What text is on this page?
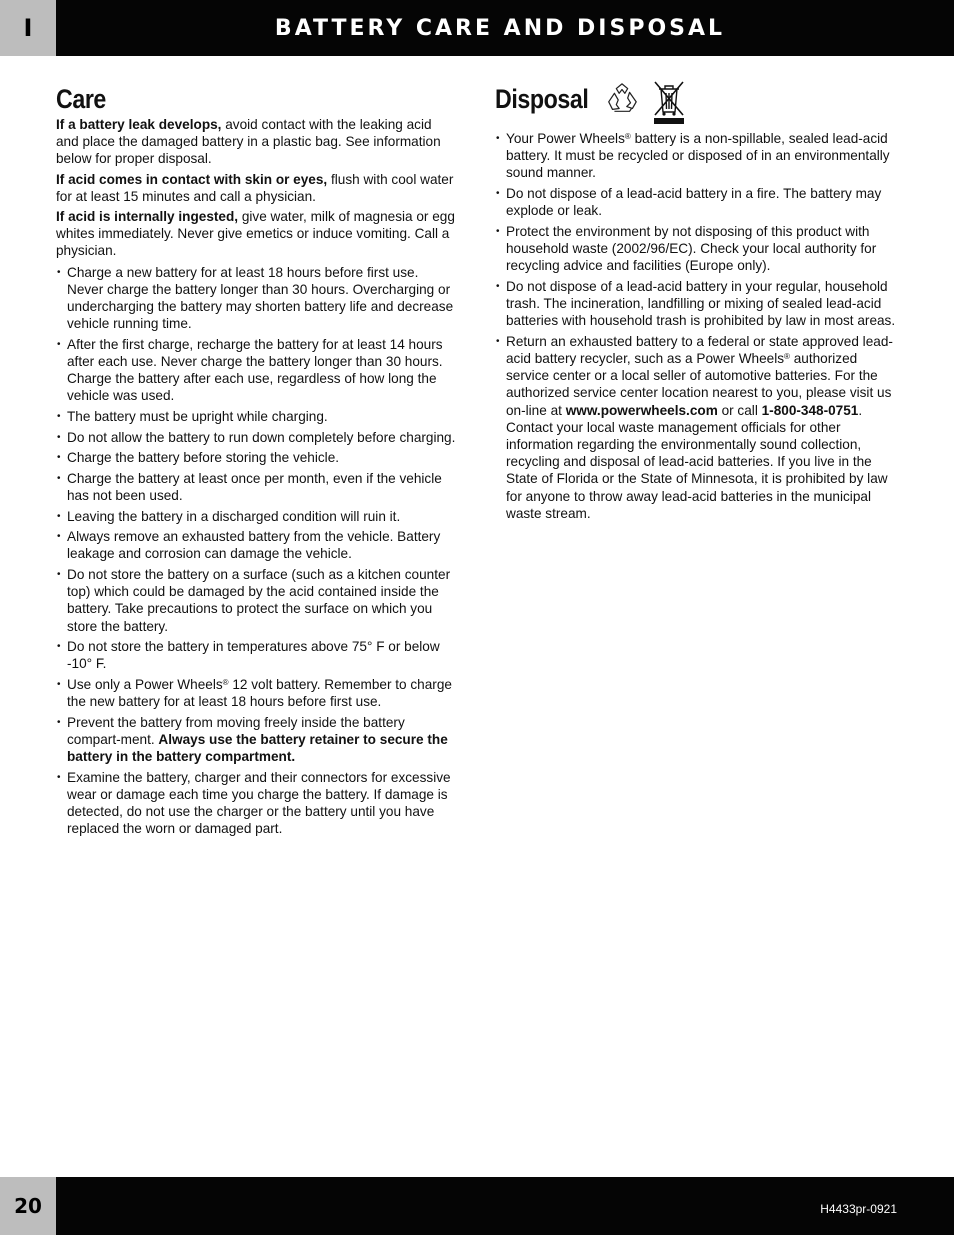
I	BATTERY CARE AND DISPOSAL
Care

If a battery leak develops, avoid contact with the leaking acid and place the damaged battery in a plastic bag. See information below for proper disposal.

If acid comes in contact with skin or eyes, flush with cool water for at least 15 minutes and call a physician.

If acid is internally ingested, give water, milk of magnesia or egg whites immediately. Never give emetics or induce vomiting. Call a physician.

• Charge a new battery for at least 18 hours before first use. Never charge the battery longer than 30 hours. Overcharging or undercharging the battery may shorten battery life and decrease vehicle running time.
• After the first charge, recharge the battery for at least 14 hours after each use. Never charge the battery longer than 30 hours. Charge the battery after each use, regardless of how long the vehicle was used.
• The battery must be upright while charging.
• Do not allow the battery to run down completely before charging.
• Charge the battery before storing the vehicle.
• Charge the battery at least once per month, even if the vehicle has not been used.
• Leaving the battery in a discharged condition will ruin it.
• Always remove an exhausted battery from the vehicle. Battery leakage and corrosion can damage the vehicle.
• Do not store the battery on a surface (such as a kitchen counter top) which could be damaged by the acid contained inside the battery. Take precautions to protect the surface on which you store the battery.
• Do not store the battery in temperatures above 75° F or below -10° F.
• Use only a Power Wheels® 12 volt battery. Remember to charge the new battery for at least 18 hours before first use.
• Prevent the battery from moving freely inside the battery compart-ment. Always use the battery retainer to secure the battery in the battery compartment.
• Examine the battery, charger and their connectors for excessive wear or damage each time you charge the battery. If damage is detected, do not use the charger or the battery until you have replaced the worn or damaged part.
Disposal
• Your Power Wheels® battery is a non-spillable, sealed lead-acid battery. It must be recycled or disposed of in an environmentally sound manner.
• Do not dispose of a lead-acid battery in a fire. The battery may explode or leak.
• Protect the environment by not disposing of this product with household waste (2002/96/EC). Check your local authority for recycling advice and facilities (Europe only).
• Do not dispose of a lead-acid battery in your regular, household trash. The incineration, landfilling or mixing of sealed lead-acid batteries with household trash is prohibited by law in most areas.
• Return an exhausted battery to a federal or state approved lead-acid battery recycler, such as a Power Wheels® authorized service center or a local seller of automotive batteries. For the authorized service center location nearest to you, please visit us on-line at www.powerwheels.com or call 1-800-348-0751. Contact your local waste management officials for other information regarding the environmentally sound collection, recycling and disposal of lead-acid batteries. If you live in the State of Florida or the State of Minnesota, it is prohibited by law for anyone to throw away lead-acid batteries in the municipal waste stream.
20	H4433pr-0921
